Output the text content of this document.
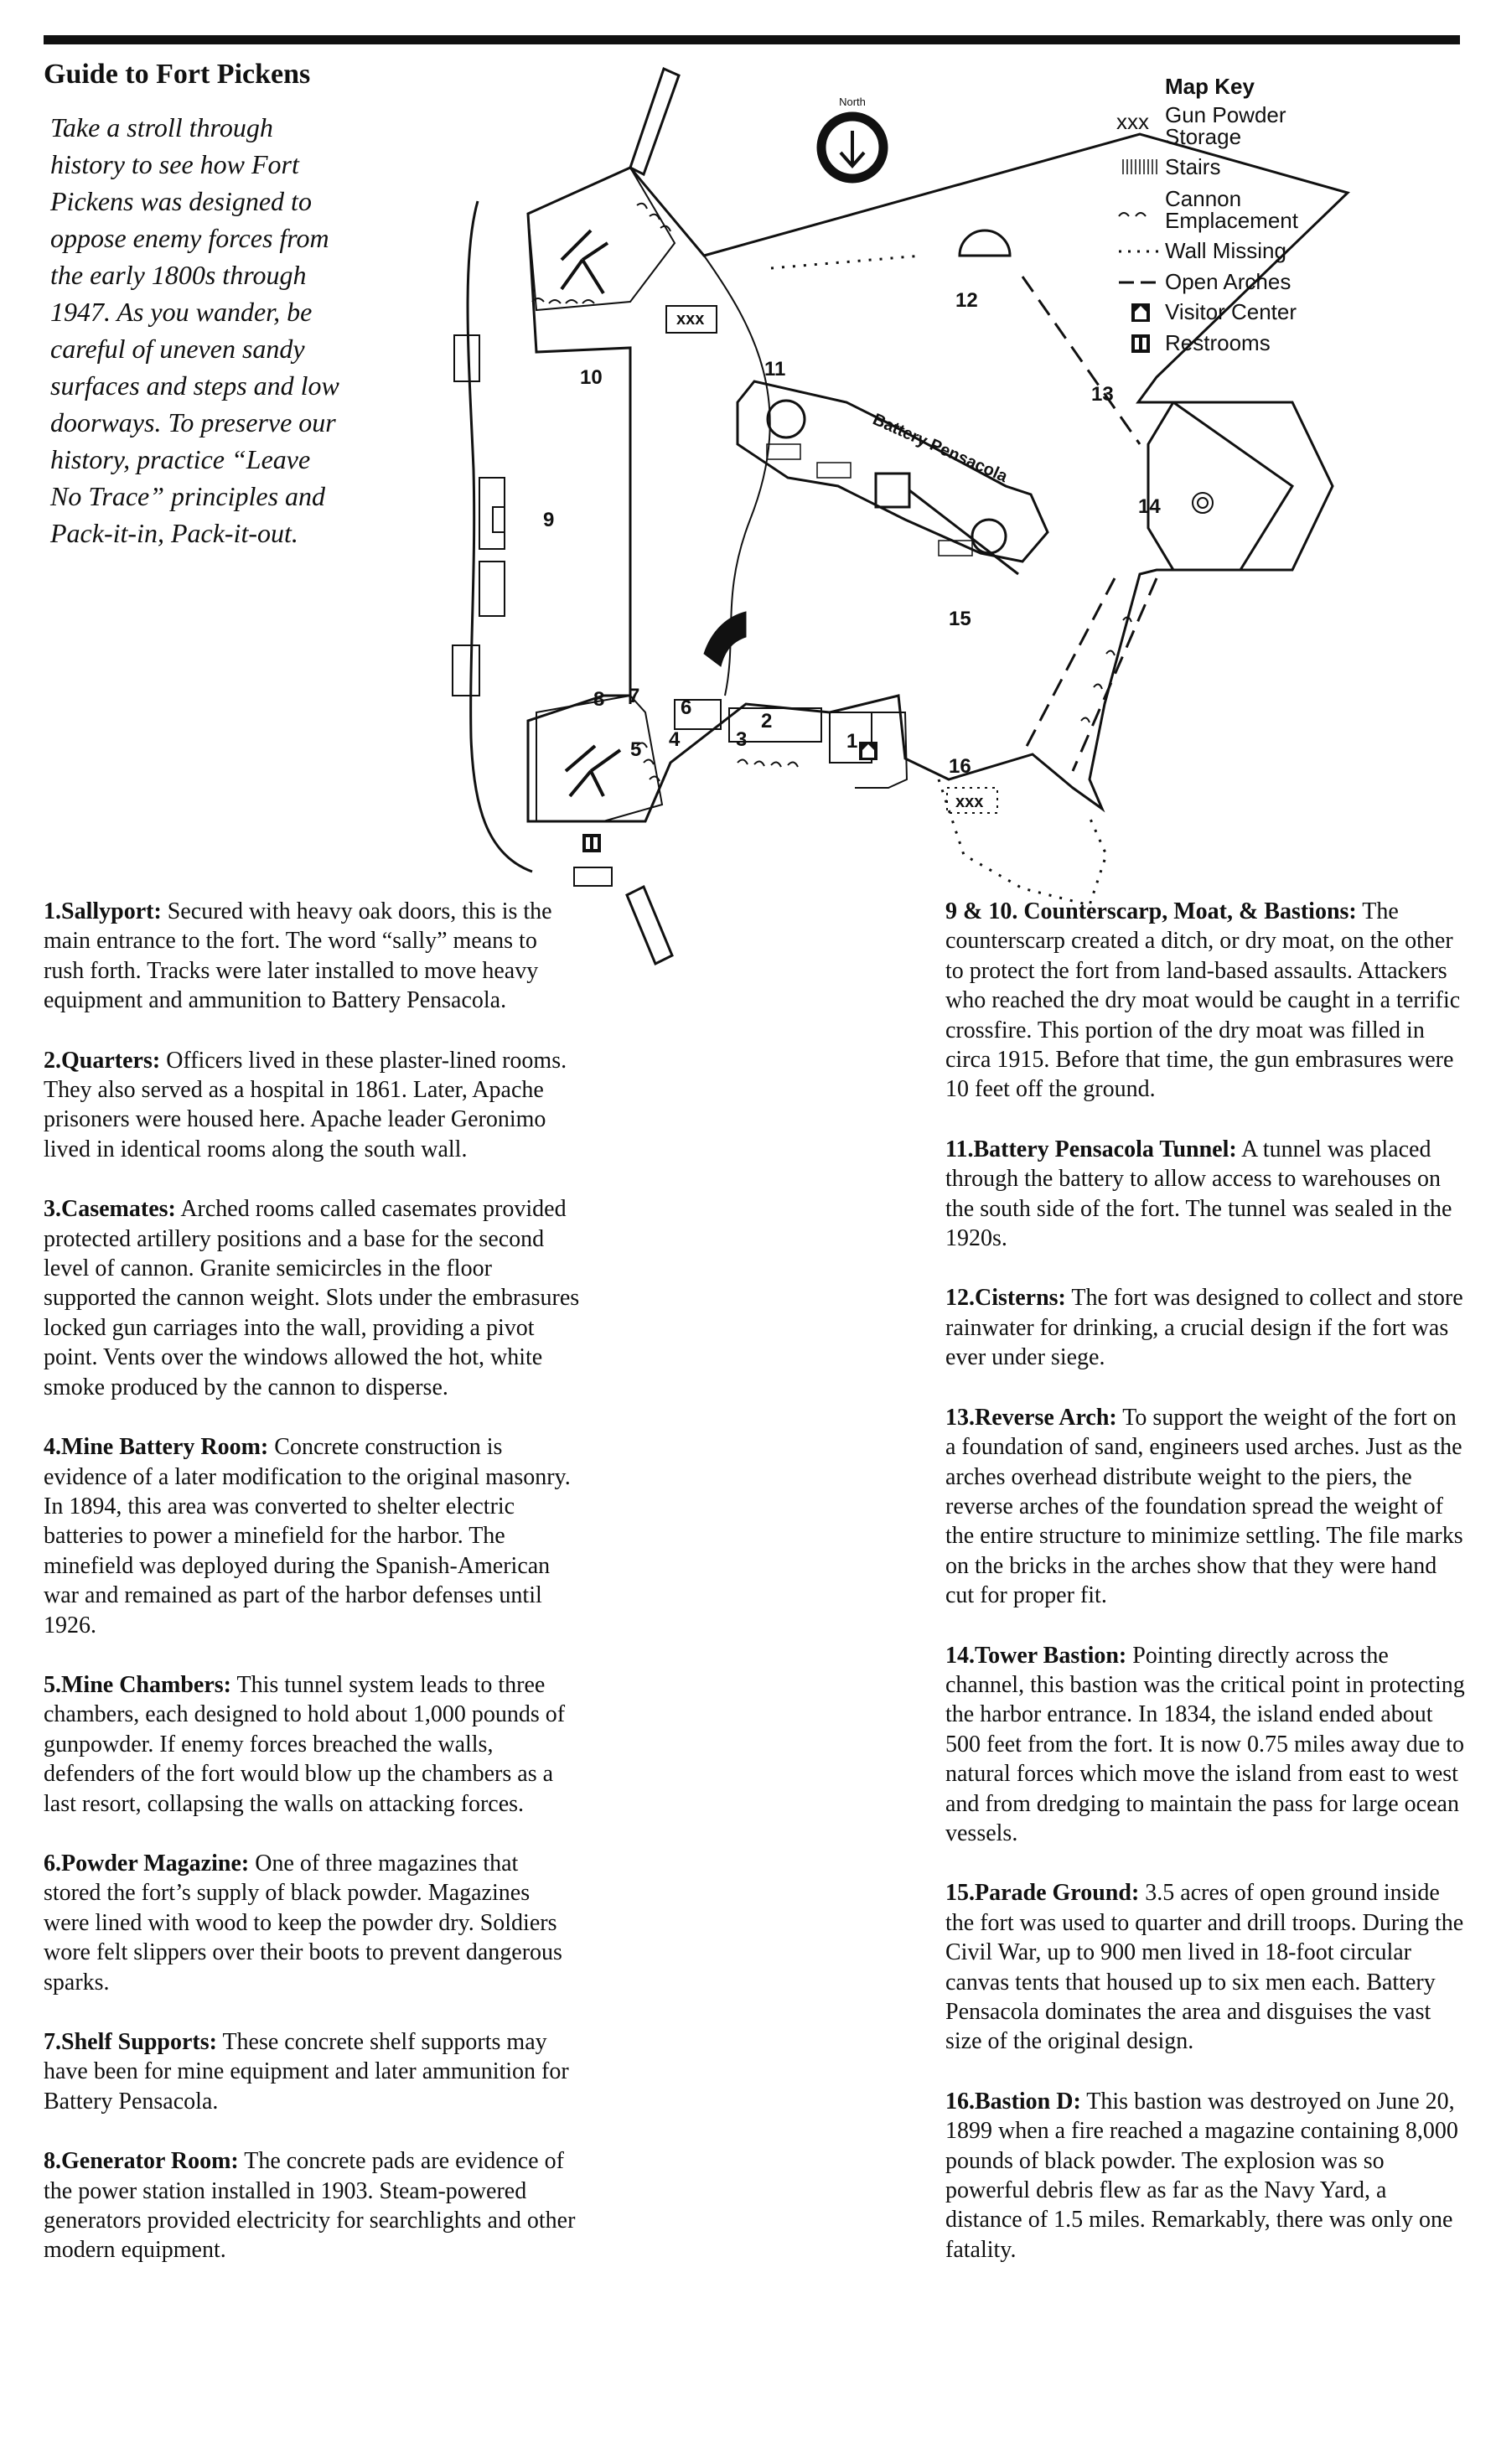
Guide to Fort Pickens
Take a stroll through
history to see how Fort
Pickens was designed to
oppose enemy forces from
the early 1800s through
1947. As you wander, be
careful of uneven sandy
surfaces and steps and low
doorways. To preserve our
history, practice “Leave
No Trace” principles and
Pack-it-in, Pack-it-out.
North
xxx
Battery Pensacola
xxx
1
2
3
4
5
6
7
8
9
10	11
12
13
14
15
16
Map Key
xxx Gun Powder
Storage
Stairs
Cannon
Emplacement
Wall Missing
Open Arches
Visitor Center
Restrooms

1.Sallyport: Secured with heavy oak doors, this is the main entrance to the fort. The word “sally” means to rush forth. Tracks were later installed to move heavy equipment and ammunition to Battery Pensacola.

2.Quarters: Officers lived in these plaster-lined rooms. They also served as a hospital in 1861. Later, Apache prisoners were housed here. Apache leader Geronimo lived in identical rooms along the south wall.

3.Casemates: Arched rooms called casemates provided protected artillery positions and a base for the second level of cannon. Granite semicircles in the floor supported the cannon weight. Slots under the embrasures locked gun carriages into the wall, providing a pivot point. Vents over the windows allowed the hot, white smoke produced by the cannon to disperse.

4.Mine Battery Room: Concrete construction is evidence of a later modification to the original masonry. In 1894, this area was converted to shelter electric batteries to power a minefield for the harbor. The minefield was deployed during the Spanish-American war and remained as part of the harbor defenses until 1926.

5.Mine Chambers: This tunnel system leads to three chambers, each designed to hold about 1,000 pounds of gunpowder. If enemy forces breached the walls, defenders of the fort would blow up the chambers as a last resort, collapsing the walls on attacking forces.

6.Powder Magazine: One of three magazines that stored the fort’s supply of black powder. Magazines were lined with wood to keep the powder dry. Soldiers wore felt slippers over their boots to prevent dangerous sparks.

7.Shelf Supports: These concrete shelf supports may have been for mine equipment and later ammunition for Battery Pensacola.

8.Generator Room: The concrete pads are evidence of the power station installed in 1903. Steam-powered generators provided electricity for searchlights and other modern equipment.

9 & 10. Counterscarp, Moat, & Bastions: The counterscarp created a ditch, or dry moat, on the other to protect the fort from land-based assaults. Attackers who reached the dry moat would be caught in a terrific crossfire. This portion of the dry moat was filled in circa 1915. Before that time, the gun embrasures were 10 feet off the ground.

11.Battery Pensacola Tunnel: A tunnel was placed through the battery to allow access to warehouses on the south side of the fort. The tunnel was sealed in the 1920s.

12.Cisterns: The fort was designed to collect and store rainwater for drinking, a crucial design if the fort was ever under siege.

13.Reverse Arch: To support the weight of the fort on a foundation of sand, engineers used arches. Just as the arches overhead distribute weight to the piers, the reverse arches of the foundation spread the weight of the entire structure to minimize settling. The file marks on the bricks in the arches show that they were hand cut for proper fit.

14.Tower Bastion: Pointing directly across the channel, this bastion was the critical point in protecting the harbor entrance. In 1834, the island ended about 500 feet from the fort. It is now 0.75 miles away due to natural forces which move the island from east to west and from dredging to maintain the pass for large ocean vessels.

15.Parade Ground: 3.5 acres of open ground inside the fort was used to quarter and drill troops. During the Civil War, up to 900 men lived in 18-foot circular canvas tents that housed up to six men each. Battery Pensacola dominates the area and disguises the vast size of the original design.

16.Bastion D: This bastion was destroyed on June 20, 1899 when a fire reached a magazine containing 8,000 pounds of black powder. The explosion was so powerful debris flew as far as the Navy Yard, a distance of 1.5 miles. Remarkably, there was only one fatality.
